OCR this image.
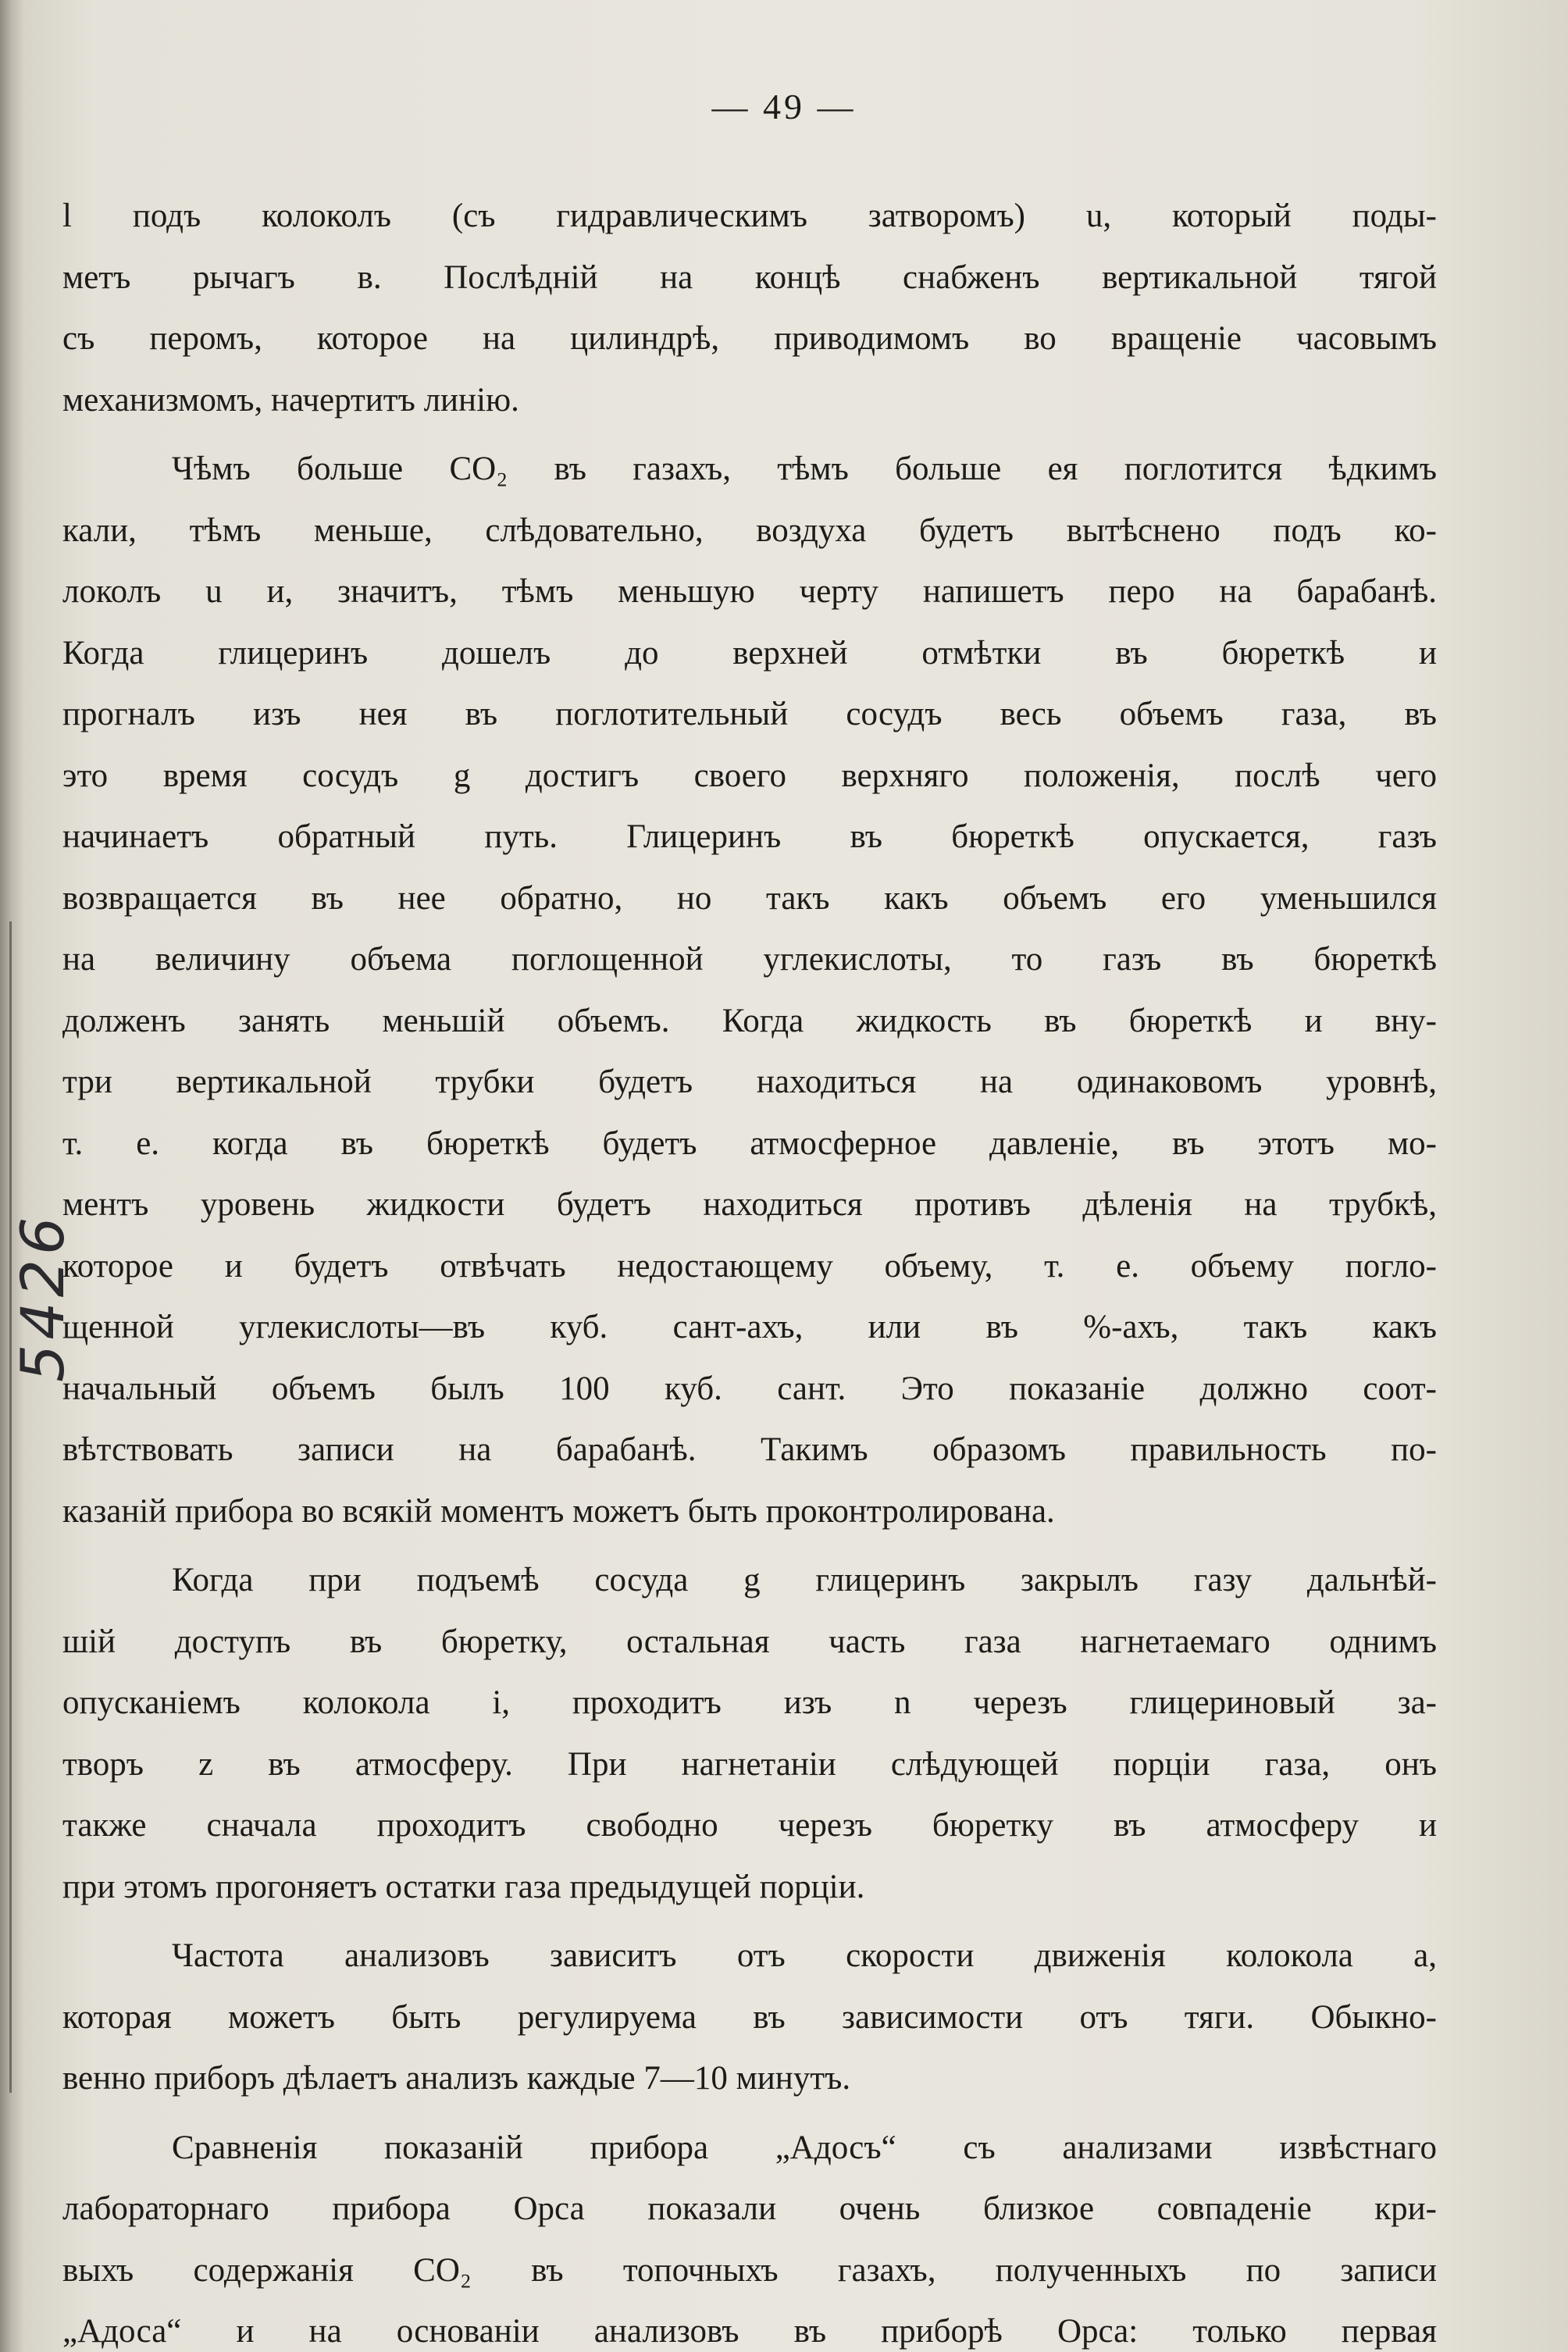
5426
— 49 —
l подъ колоколъ (съ гидравлическимъ затворомъ) u, который поды-
метъ рычагъ в. Послѣдній на концѣ снабженъ вертикальной тягой
съ перомъ, которое на цилиндрѣ, приводимомъ во вращеніе часовымъ
механизмомъ, начертитъ линію.
Чѣмъ больше CO₂ въ газахъ, тѣмъ больше ея поглотится ѣдкимъ
кали, тѣмъ меньше, слѣдовательно, воздуха будетъ вытѣснено подъ ко-
локолъ u и, значитъ, тѣмъ меньшую черту напишетъ перо на барабанѣ.
Когда глицеринъ дошелъ до верхней отмѣтки въ бюреткѣ и
прогналъ изъ нея въ поглотительный сосудъ весь объемъ газа, въ
это время сосудъ g достигъ своего верхняго положенія, послѣ чего
начинаетъ обратный путь. Глицеринъ въ бюреткѣ опускается, газъ
возвращается въ нее обратно, но такъ какъ объемъ его уменьшился
на величину объема поглощенной углекислоты, то газъ въ бюреткѣ
долженъ занять меньшій объемъ. Когда жидкость въ бюреткѣ и вну-
три вертикальной трубки будетъ находиться на одинаковомъ уровнѣ,
т. е. когда въ бюреткѣ будетъ атмосферное давленіе, въ этотъ мо-
ментъ уровень жидкости будетъ находиться противъ дѣленія на трубкѣ,
которое и будетъ отвѣчать недостающему объему, т. е. объему погло-
щенной углекислоты—въ куб. сант-ахъ, или въ %-ахъ, такъ какъ
начальный объемъ былъ 100 куб. сант. Это показаніе должно соот-
вѣтствовать записи на барабанѣ. Такимъ образомъ правильность по-
казаній прибора во всякій моментъ можетъ быть проконтролирована.
Когда при подъемѣ сосуда g глицеринъ закрылъ газу дальнѣй-
шій доступъ въ бюретку, остальная часть газа нагнетаемаго однимъ
опусканіемъ колокола i, проходитъ изъ n черезъ глицериновый за-
творъ z въ атмосферу. При нагнетаніи слѣдующей порціи газа, онъ
также сначала проходитъ свободно черезъ бюретку въ атмосферу и
при этомъ прогоняетъ остатки газа предыдущей порціи.
Частота анализовъ зависитъ отъ скорости движенія колокола a,
которая можетъ быть регулируема въ зависимости отъ тяги. Обыкно-
венно приборъ дѣлаетъ анализъ каждые 7—10 минутъ.
Сравненія показаній прибора „Адосъ“ съ анализами извѣстнаго
лабораторнаго прибора Орса показали очень близкое совпаденіе кри-
выхъ содержанія CO₂ въ топочныхъ газахъ, полученныхъ по записи
„Адоса“ и на основаніи анализовъ въ приборѣ Орса: только первая
